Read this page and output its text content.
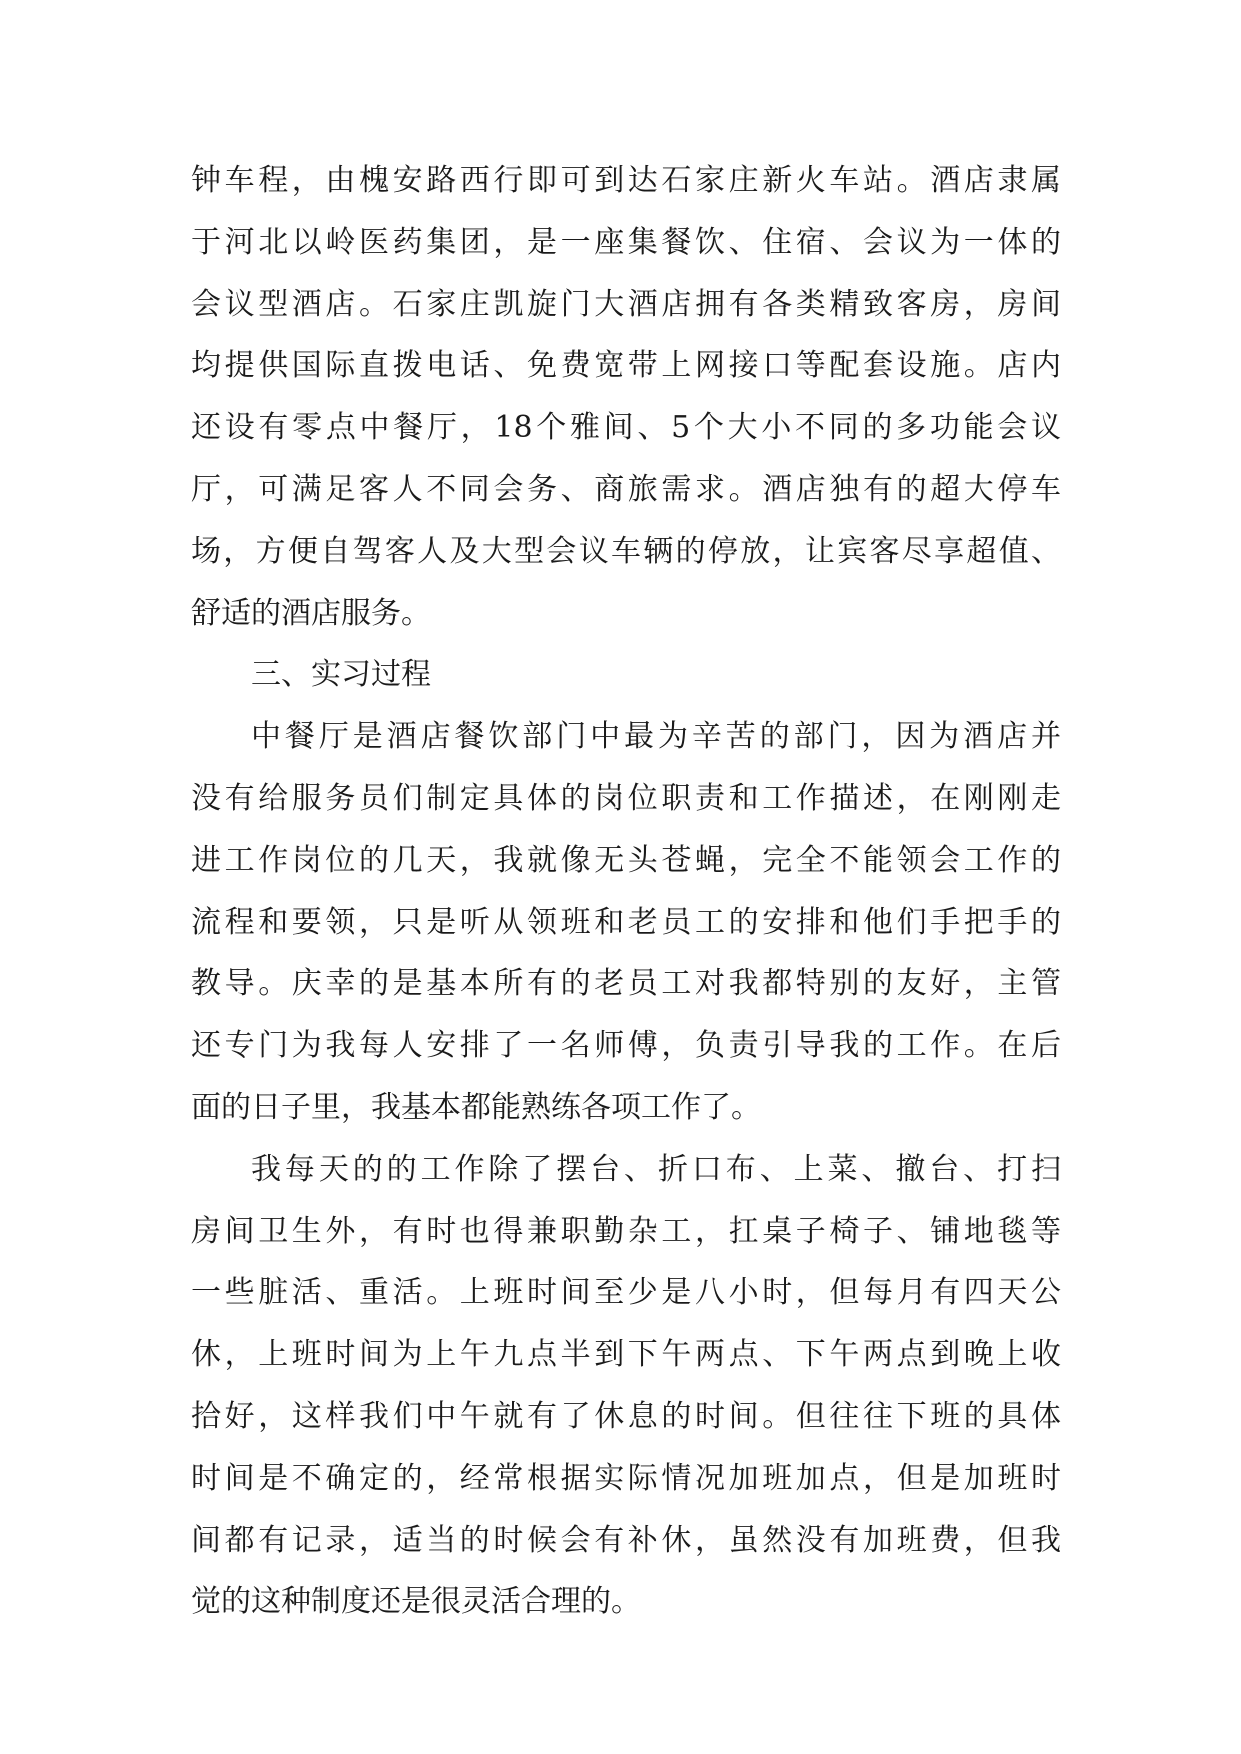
钟车程，由槐安路西行即可到达石家庄新火车站。酒店隶属
于河北以岭医药集团，是一座集餐饮、住宿、会议为一体的
会议型酒店。石家庄凯旋门大酒店拥有各类精致客房，房间
均提供国际直拨电话、免费宽带上网接口等配套设施。店内
还设有零点中餐厅，18个雅间、5个大小不同的多功能会议
厅，可满足客人不同会务、商旅需求。酒店独有的超大停车
场，方便自驾客人及大型会议车辆的停放，让宾客尽享超值、
舒适的酒店服务。
三、实习过程
中餐厅是酒店餐饮部门中最为辛苦的部门，因为酒店并
没有给服务员们制定具体的岗位职责和工作描述，在刚刚走
进工作岗位的几天，我就像无头苍蝇，完全不能领会工作的
流程和要领，只是听从领班和老员工的安排和他们手把手的
教导。庆幸的是基本所有的老员工对我都特别的友好，主管
还专门为我每人安排了一名师傅，负责引导我的工作。在后
面的日子里，我基本都能熟练各项工作了。
我每天的的工作除了摆台、折口布、上菜、撤台、打扫
房间卫生外，有时也得兼职勤杂工，扛桌子椅子、铺地毯等
一些脏活、重活。上班时间至少是八小时，但每月有四天公
休，上班时间为上午九点半到下午两点、下午两点到晚上收
拾好，这样我们中午就有了休息的时间。但往往下班的具体
时间是不确定的，经常根据实际情况加班加点，但是加班时
间都有记录，适当的时候会有补休，虽然没有加班费，但我
觉的这种制度还是很灵活合理的。
